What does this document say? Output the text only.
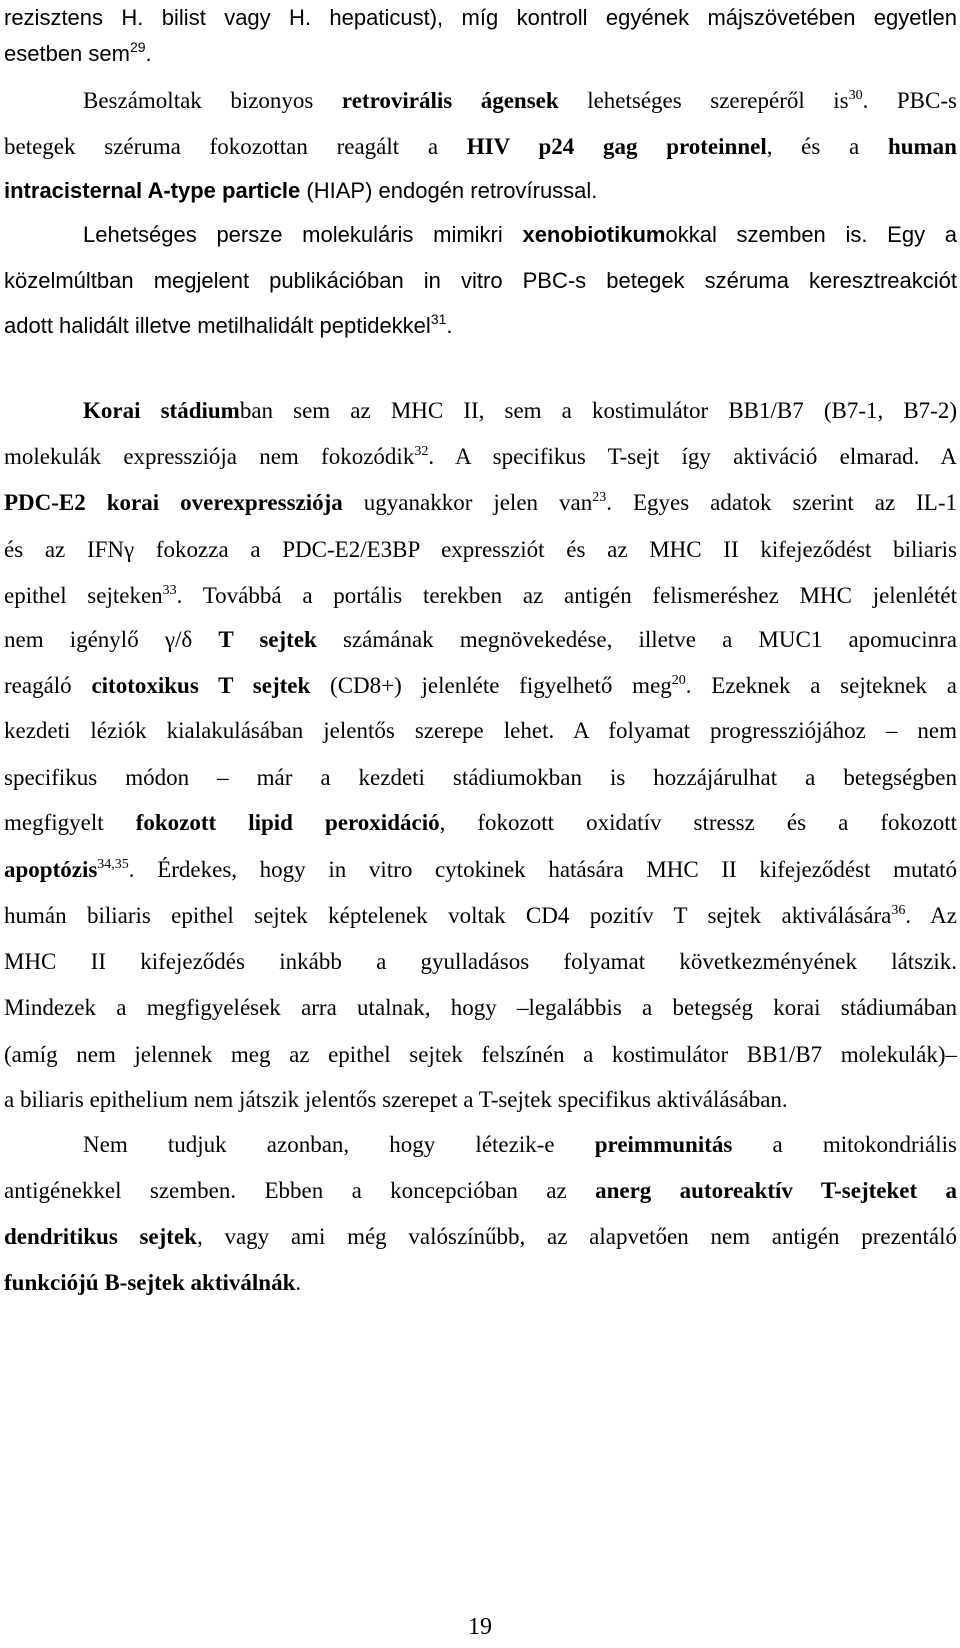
rezisztens H. bilist vagy H. hepaticust), míg kontroll egyének májszövetében egyetlen
esetben sem$^{29}$.
Beszámoltak bizonyos retrovirális ágensek lehetséges szerepéről $is^{30}$. PBC-s
betegek széruma fokozottan reagált a HIV p24 gag proteinnel, és a human
intracisternal A-type particle (HIAP) endogén retrovírussal.
Lehetséges persze molekuláris mimikri xenobiotikumokkal szemben is. Egy a
közelmúltban megjelent publikációban in vitro PBC-s betegek széruma keresztreakciót
adott halidált illetve metilhalidált peptidekkel$^{31}$.
Korai stádiumban sem az MHC II, sem a kostimulátor BB1/B7 (B7-1, B7-2)
molekulák expressziója nem fokozódik$^{32}$. A specifikus T-sejt így aktiváció elmarad. A
PDC-E2 korai overexpressziója ugyanakkor jelen van$^{23}$. Egyes adatok szerint az IL-1
és az IFNγ fokozza a PDC-E2/E3BP expressziót és az MHC II kifejeződést biliaris
epithel sejteken$^{33}$. Továbbá a portális terekben az antigén felismeréshez MHC jelenlétét
nem igénylő γ/δ T sejtek számának megnövekedése, illetve a MUC1 apomucinra
reagáló citotoxikus T sejtek (CD8+) jelenléte figyelhető meg$^{20}$. Ezeknek a sejteknek a
kezdeti léziók kialakulásában jelentős szerepe lehet. A folyamat progressziójához – nem
specifikus módon – már a kezdeti stádiumokban is hozzájárulhat a betegségben
megfigyelt fokozott lipid peroxidáció, fokozott oxidatív stressz és a fokozott
apoptózis$^{34,35}$. Érdekes, hogy in vitro cytokinek hatására MHC II kifejeződést mutató
humán biliaris epithel sejtek képtelenek voltak CD4 pozitív T sejtek aktiválására$^{36}$. Az
MHC II kifejeződés inkább a gyulladásos folyamat következményének látszik.
Mindezek a megfigyelések arra utalnak, hogy –legalábbis a betegség korai stádiumában
(amíg nem jelennek meg az epithel sejtek felszínén a kostimulátor BB1/B7 molekulák)–
a biliaris epithelium nem játszik jelentős szerepet a T-sejtek specifikus aktiválásában.
Nem tudjuk azonban, hogy létezik-e preimmunitás a mitokondriális
antigénekkel szemben. Ebben a koncepcióban az anerg autoreaktív T-sejteket a
dendritikus sejtek, vagy ami még valószínűbb, az alapvetően nem antigén prezentáló
funkciójú B-sejtek aktiválnák.
19
